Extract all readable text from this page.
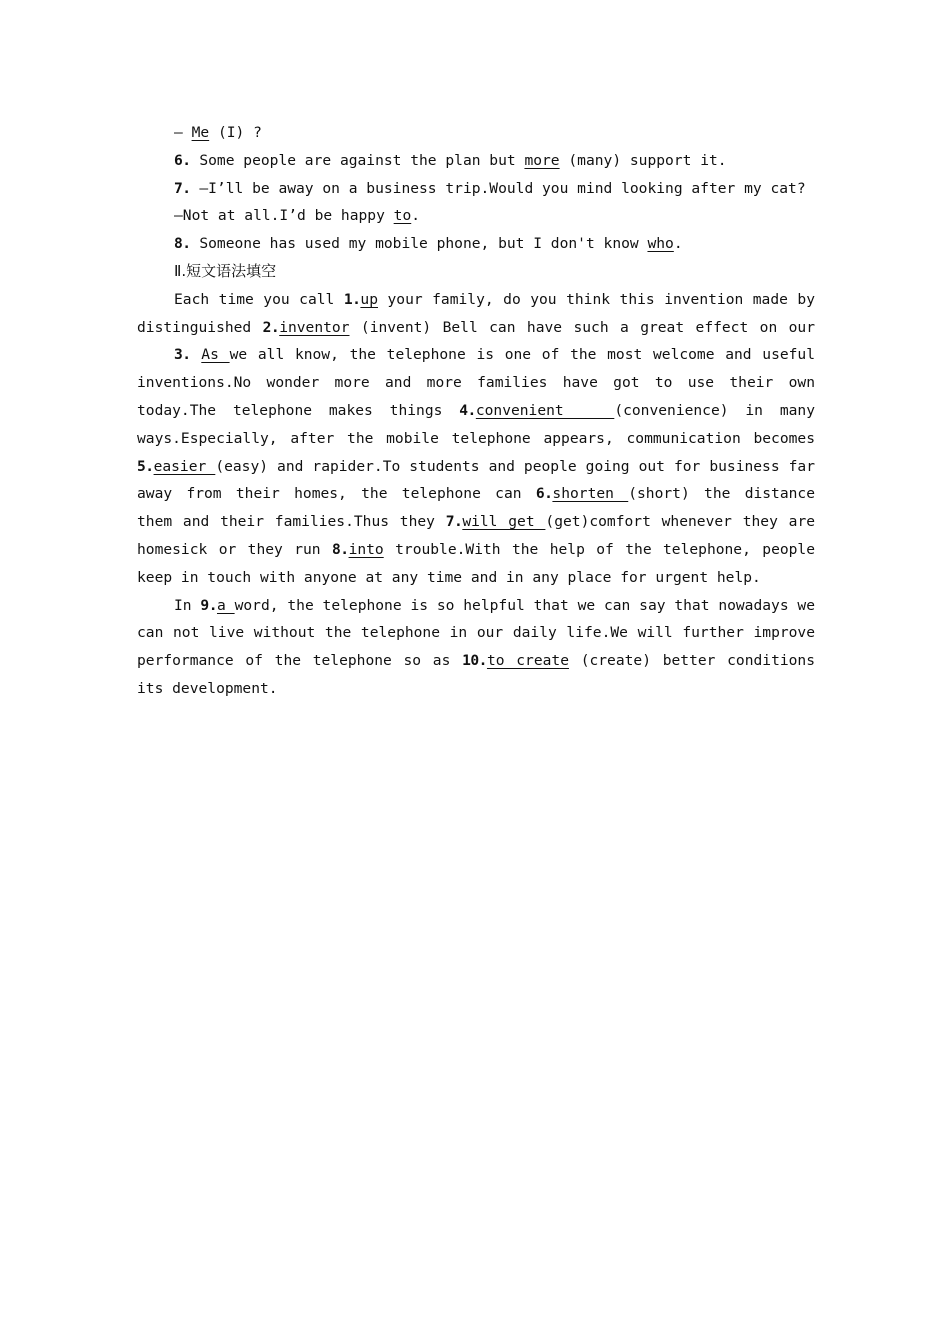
— Me (I) ?
6. Some people are against the plan but more (many) support it.
7. —I’ll be away on a business trip.Would you mind looking after my cat?
—Not at all.I’d be happy to.
8. Someone has used my mobile phone, but I don't know who.
Ⅱ.短文语法填空
Each time you call 1.up your family, do you think this invention made by
distinguished 2.inventor (invent) Bell can have such a great effect on our
3. As we all know, the telephone is one of the most welcome and useful
inventions.No wonder more and more families have got to use their own
today.The telephone makes things 4.convenient   (convenience) in many
ways.Especially, after the mobile telephone appears, communication becomes
5.easier (easy) and rapider.To students and people going out for business far
away from their homes, the telephone can 6.shorten (short) the distance
them and their families.Thus they 7.will get (get)comfort whenever they are
homesick or they run 8.into trouble.With the help of the telephone, people
keep in touch with anyone at any time and in any place for urgent help.
In 9.a word, the telephone is so helpful that we can say that nowadays we
can not live without the telephone in our daily life.We will further improve
performance of the telephone so as 10.to create (create) better conditions
its development.
